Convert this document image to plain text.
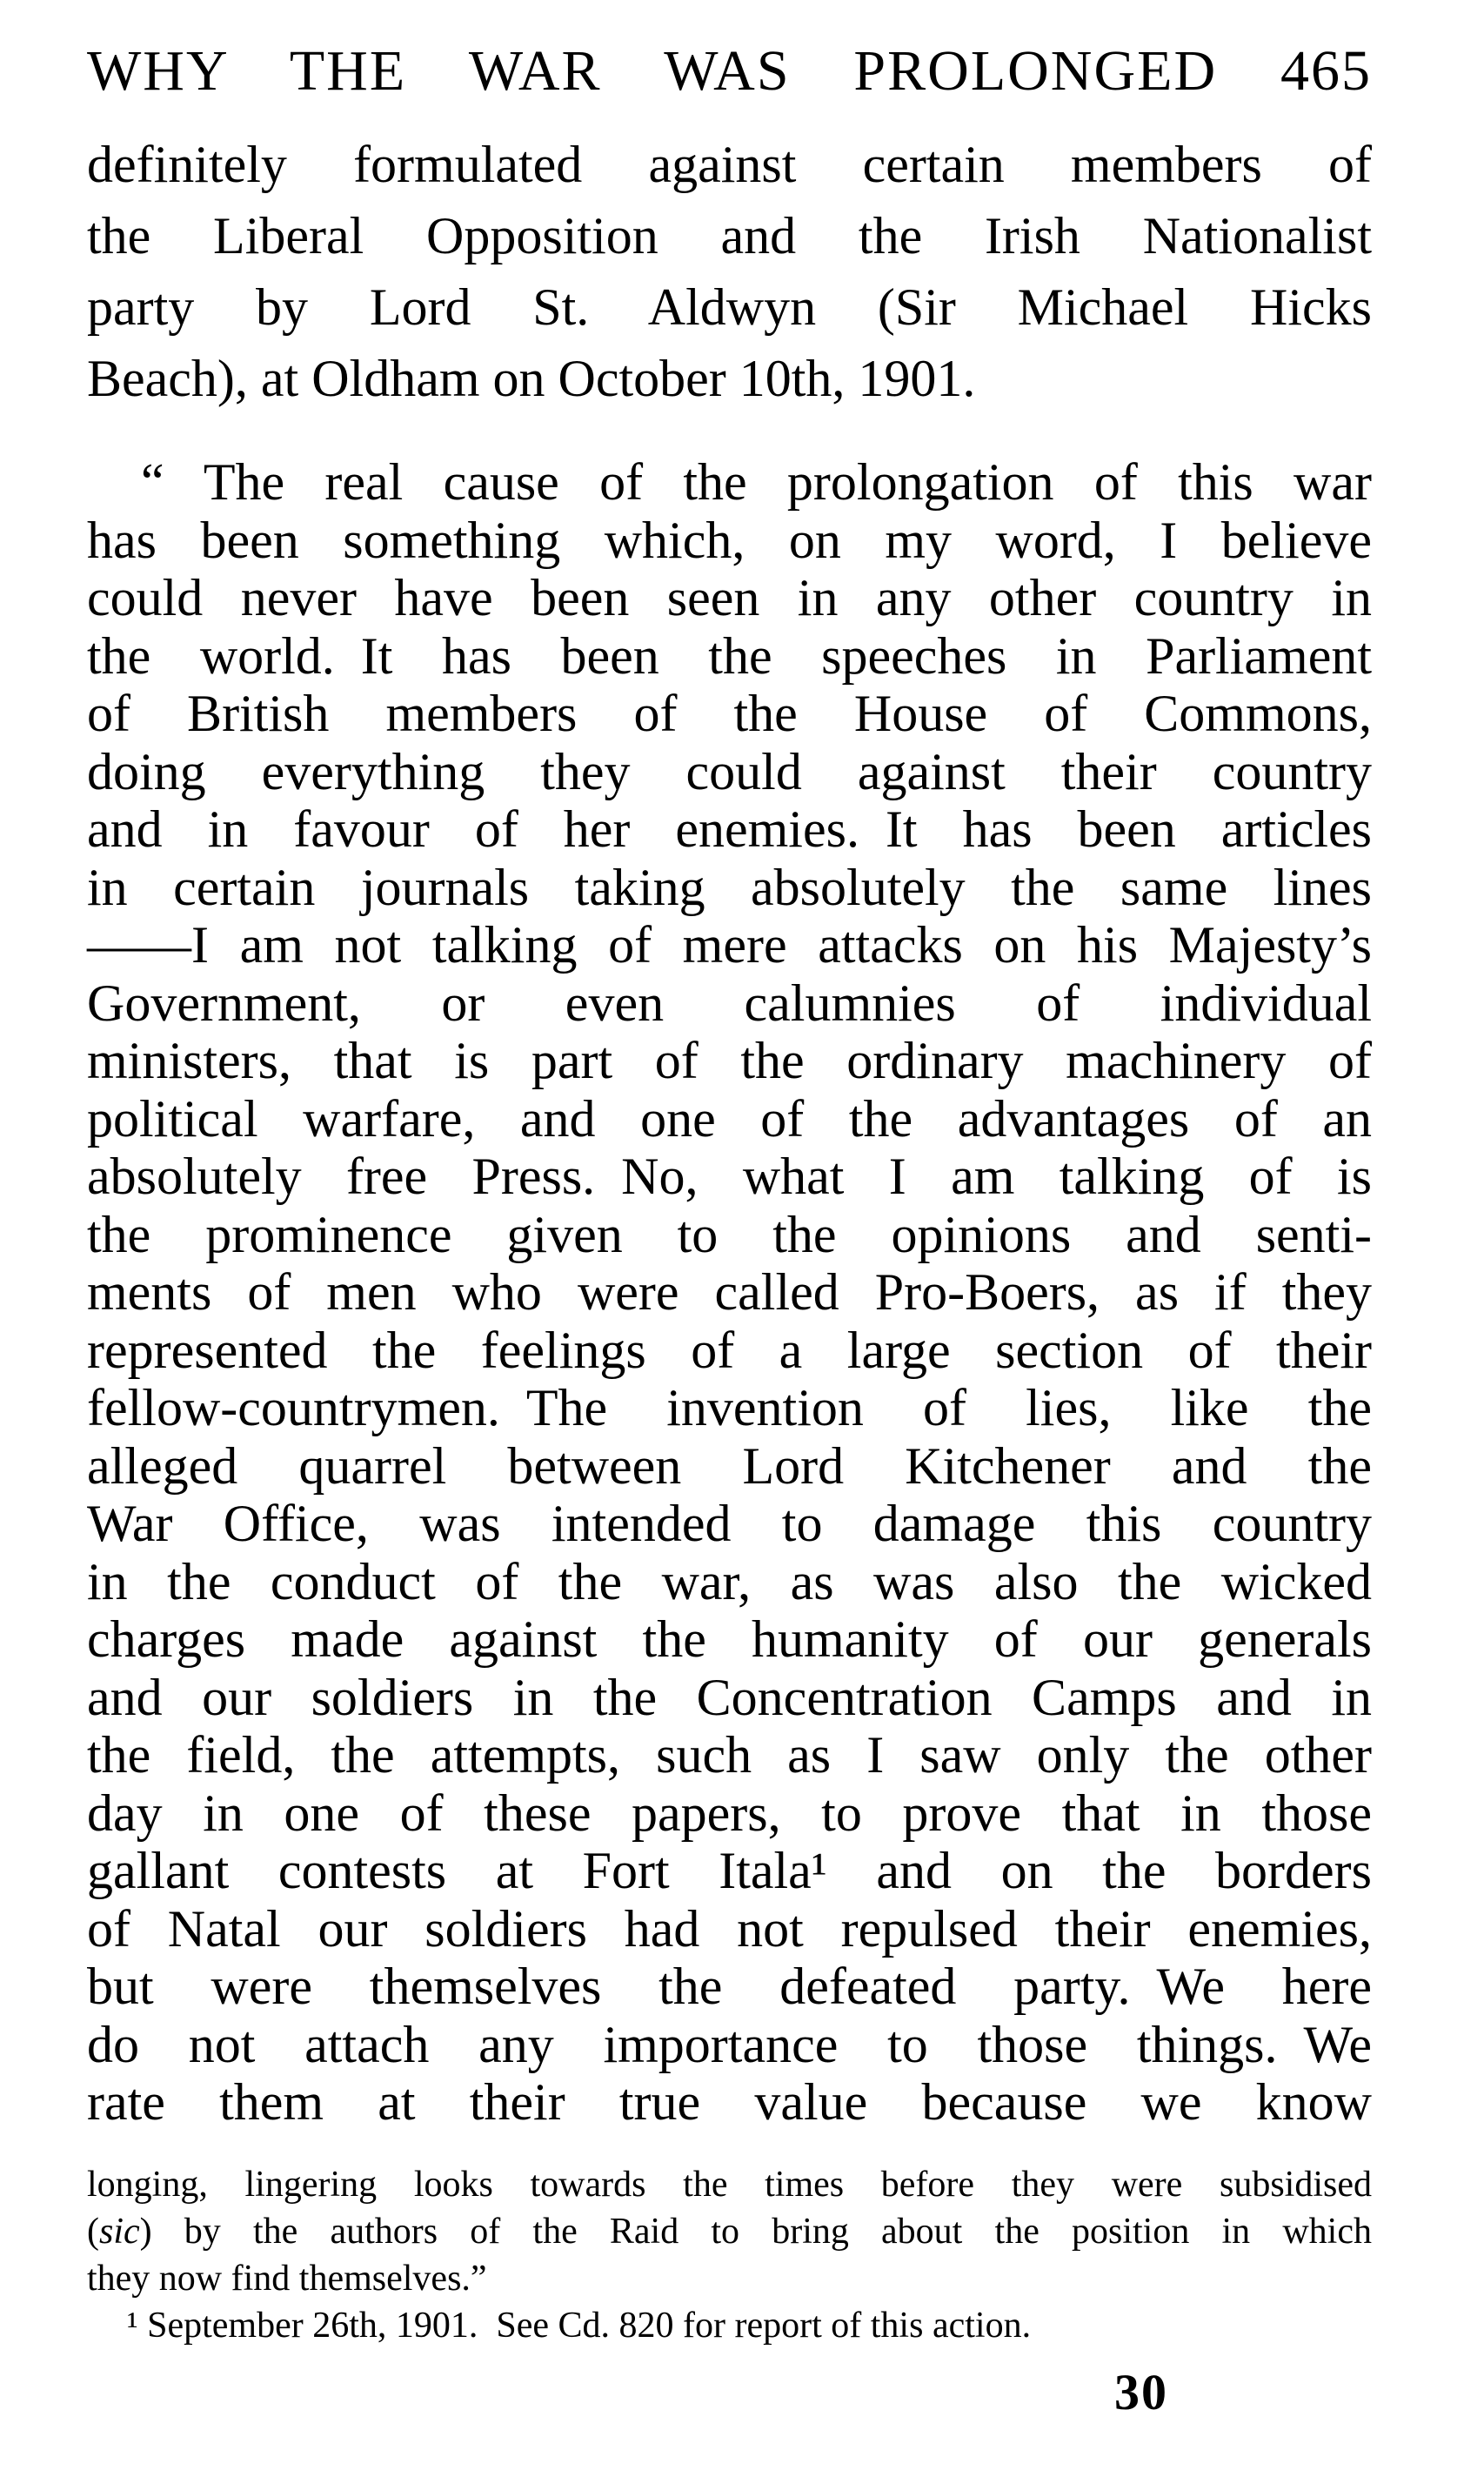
WHY THE WAR WAS PROLONGED 465
definitely formulated against certain members of
the Liberal Opposition and the Irish Nationalist
party by Lord St. Aldwyn (Sir Michael Hicks
Beach), at Oldham on October 10th, 1901.
“ The real cause of the prolongation of this war
has been something which, on my word, I believe
could never have been seen in any other country in
the world. It has been the speeches in Parliament
of British members of the House of Commons,
doing everything they could against their country
and in favour of her enemies. It has been articles
in certain journals taking absolutely the same lines
——I am not talking of mere attacks on his Majesty’s
Government, or even calumnies of individual
ministers, that is part of the ordinary machinery of
political warfare, and one of the advantages of an
absolutely free Press. No, what I am talking of is
the prominence given to the opinions and senti-
ments of men who were called Pro-Boers, as if they
represented the feelings of a large section of their
fellow-countrymen. The invention of lies, like the
alleged quarrel between Lord Kitchener and the
War Office, was intended to damage this country
in the conduct of the war, as was also the wicked
charges made against the humanity of our generals
and our soldiers in the Concentration Camps and in
the field, the attempts, such as I saw only the other
day in one of these papers, to prove that in those
gallant contests at Fort Itala¹ and on the borders
of Natal our soldiers had not repulsed their enemies,
but were themselves the defeated party. We here
do not attach any importance to those things. We
rate them at their true value because we know
longing, lingering looks towards the times before they were subsidised
(sic) by the authors of the Raid to bring about the position in which
they now find themselves.”
¹ September 26th, 1901. See Cd. 820 for report of this action.
30
